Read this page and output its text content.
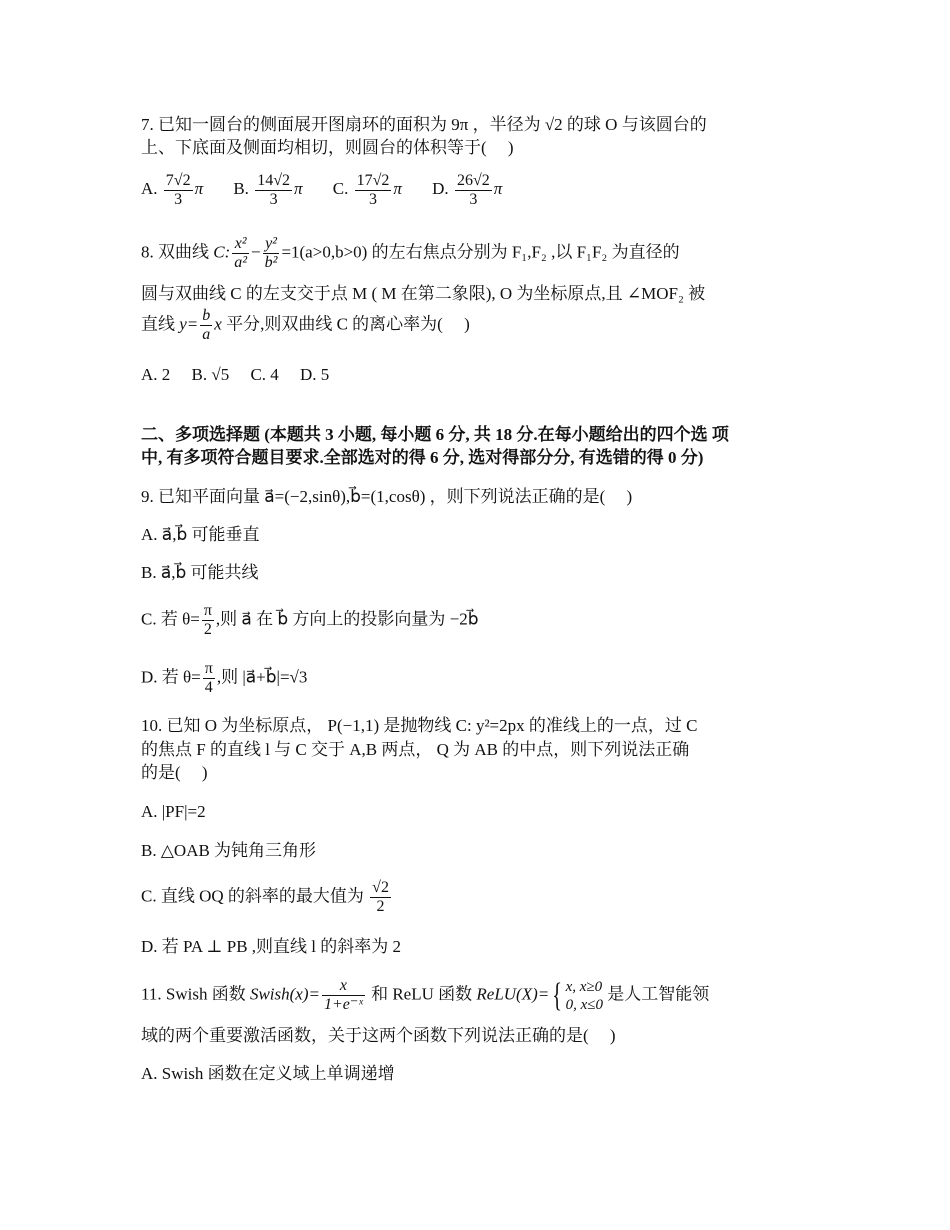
7. 已知一圆台的侧面展开图扇环的面积为 9π ，半径为 √2 的球 O 与该圆台的
上、下底面及侧面均相切，则圆台的体积等于(　 )
A. $\frac{7√2}{3}$ π B. $\frac{14√2}{3}$ π C. $\frac{17√2}{3}$ π D. $\frac{26√2}{3}$ π
8. 双曲线 C: $\frac{\text{x²}}{\text{a²}} - \frac{\text{y²}}{\text{b²}} =1(a>0,b>0)$ 的左右焦点分别为 F₁,F₂ ,以 F₁F₂ 为直径的
圆与双曲线 C 的左支交于点 M ( M 在第二象限), O 为坐标原点,且 ∠MOF₂ 被
直线 $y= \frac{b}{a}$ x 平分,则双曲线 C 的离心率为(　 )
A. 2　 B. √5　 C. 4　 D. 5
二、多项选择题 (本题共 3 小题, 每小题 6 分, 共 18 分.在每小题给出的四个选 项
中, 有多项符合题目要求.全部选对的得 6 分, 选对得部分分, 有选错的得 0 分)
9. 已知平面向量 a⃗=(−2,sinθ),b⃗=(1,cosθ) ，则下列说法正确的是(　 )
A. a⃗,b⃗ 可能垂直
B. a⃗,b⃗ 可能共线
C. 若 $\theta= \frac{\pi}{2}$ ,则 a⃗ 在 b⃗ 方向上的投影向量为 −2b⃗
D. 若 $\theta= \frac{\pi}{4}$ ,则 |a⃗+b⃗|=√3
10. 已知 O 为坐标原点， P(−1,1) 是抛物线 C: y²=2px 的准线上的一点，过 C
的焦点 F 的直线 l 与 C 交于 A,B 两点， Q 为 AB 的中点，则下列说法正确
的是(　 )
A. |PF|=2
B. △OAB 为钝角三角形
C. 直线 OQ 的斜率的最大值为 $\frac{√2}{2}$
D. 若 PA ⊥ PB ,则直线 l 的斜率为 2
11. Swish 函数 Swish(x)= $\frac{x}{\text{1+e⁻ˣ}}$ 和 ReLU 函数 ReLU(X)={ x, x≥0
0, x≤0
是人工智能领
域的两个重要激活函数，关于这两个函数下列说法正确的是(　 )
A. Swish 函数在定义域上单调递增
